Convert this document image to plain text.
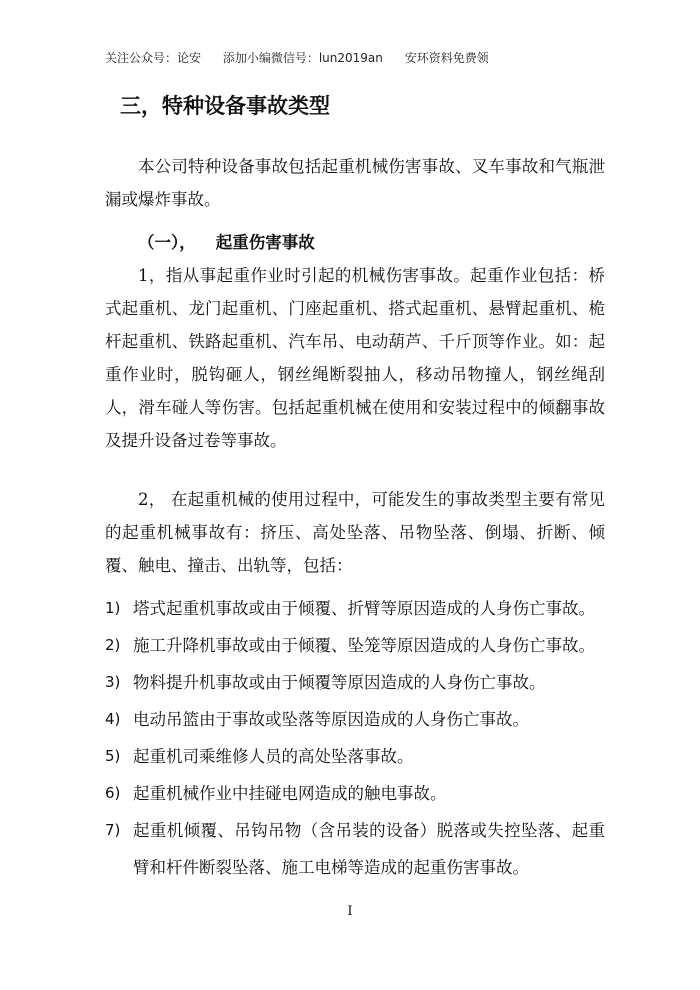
关注公众号：论安 添加小编微信号：lun2019an 安环资料免费领
三，特种设备事故类型
本公司特种设备事故包括起重机械伤害事故、叉车事故和气瓶泄漏或爆炸事故。
（一）， 起重伤害事故
1，指从事起重作业时引起的机械伤害事故。起重作业包括：桥式起重机、龙门起重机、门座起重机、搭式起重机、悬臂起重机、桅杆起重机、铁路起重机、汽车吊、电动葫芦、千斤顶等作业。如：起重作业时，脱钩砸人，钢丝绳断裂抽人，移动吊物撞人，钢丝绳刮人，滑车碰人等伤害。包括起重机械在使用和安装过程中的倾翻事故及提升设备过卷等事故。
2， 在起重机械的使用过程中，可能发生的事故类型主要有常见的起重机械事故有：挤压、高处坠落、吊物坠落、倒塌、折断、倾覆、触电、撞击、出轨等，包括：
1) 塔式起重机事故或由于倾覆、折臂等原因造成的人身伤亡事故。
2) 施工升降机事故或由于倾覆、坠笼等原因造成的人身伤亡事故。
3) 物料提升机事故或由于倾覆等原因造成的人身伤亡事故。
4) 电动吊篮由于事故或坠落等原因造成的人身伤亡事故。
5) 起重机司乘维修人员的高处坠落事故。
6) 起重机械作业中挂碰电网造成的触电事故。
7) 起重机倾覆、吊钩吊物（含吊装的设备）脱落或失控坠落、起重臂和杆件断裂坠落、施工电梯等造成的起重伤害事故。
I
